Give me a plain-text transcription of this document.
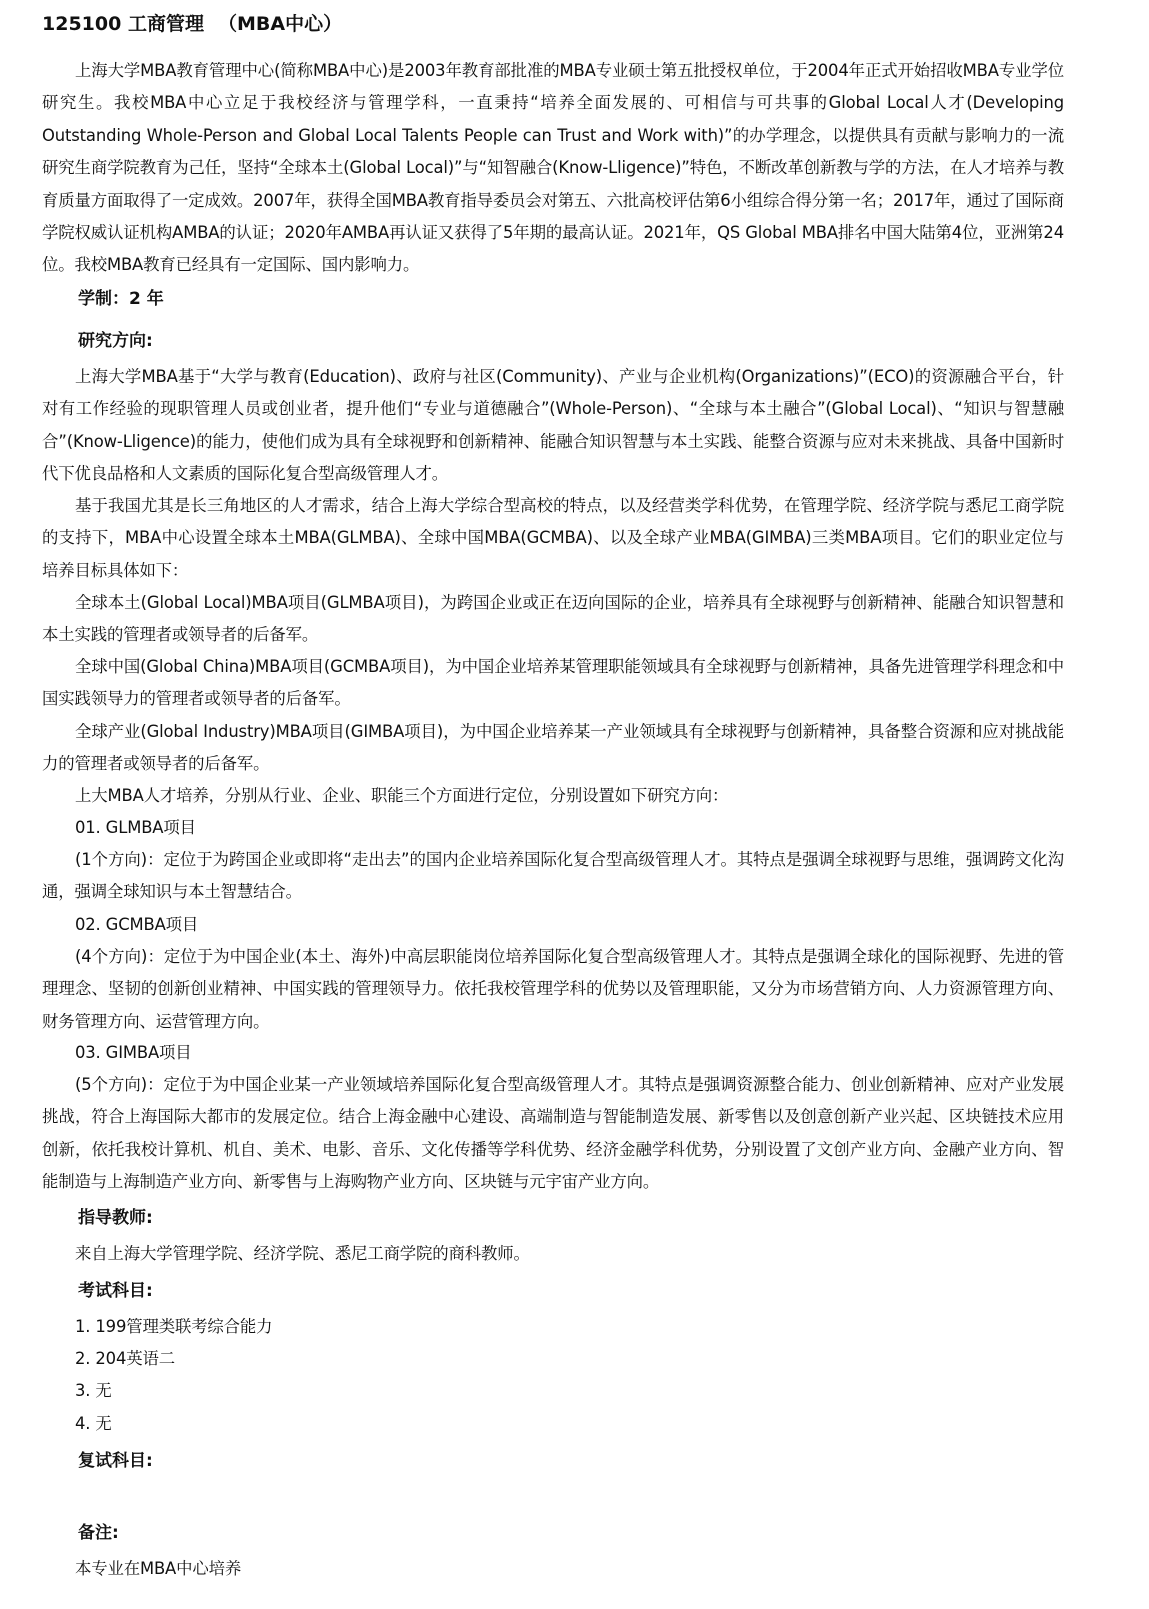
125100 工商管理 （MBA中心）
上海大学MBA教育管理中心(简称MBA中心)是2003年教育部批准的MBA专业硕士第五批授权单位，于2004年正式开始招收MBA专业学位研究生。我校MBA中心立足于我校经济与管理学科，一直秉持“培养全面发展的、可相信与可共事的Global Local人才(Developing Outstanding Whole-Person and Global Local Talents People can Trust and Work with)”的办学理念，以提供具有贡献与影响力的一流研究生商学院教育为己任，坚持“全球本土(Global Local)”与“知智融合(Know-Lligence)”特色，不断改革创新教与学的方法，在人才培养与教育质量方面取得了一定成效。2007年，获得全国MBA教育指导委员会对第五、六批高校评估第6小组综合得分第一名；2017年，通过了国际商学院权威认证机构AMBA的认证；2020年AMBA再认证又获得了5年期的最高认证。2021年，QS Global MBA排名中国大陆第4位，亚洲第24位。我校MBA教育已经具有一定国际、国内影响力。
学制：2 年
研究方向:
上海大学MBA基于“大学与教育(Education)、政府与社区(Community)、产业与企业机构(Organizations)”(ECO)的资源融合平台，针对有工作经验的现职管理人员或创业者，提升他们“专业与道德融合”(Whole-Person)、“全球与本土融合”(Global Local)、“知识与智慧融合”(Know-Lligence)的能力，使他们成为具有全球视野和创新精神、能融合知识智慧与本土实践、能整合资源与应对未来挑战、具备中国新时代下优良品格和人文素质的国际化复合型高级管理人才。
基于我国尤其是长三角地区的人才需求，结合上海大学综合型高校的特点，以及经营类学科优势，在管理学院、经济学院与悉尼工商学院的支持下，MBA中心设置全球本土MBA(GLMBA)、全球中国MBA(GCMBA)、以及全球产业MBA(GIMBA)三类MBA项目。它们的职业定位与培养目标具体如下：
全球本土(Global Local)MBA项目(GLMBA项目)，为跨国企业或正在迈向国际的企业，培养具有全球视野与创新精神、能融合知识智慧和本土实践的管理者或领导者的后备军。
全球中国(Global China)MBA项目(GCMBA项目)，为中国企业培养某管理职能领域具有全球视野与创新精神，具备先进管理学科理念和中国实践领导力的管理者或领导者的后备军。
全球产业(Global Industry)MBA项目(GIMBA项目)，为中国企业培养某一产业领域具有全球视野与创新精神，具备整合资源和应对挑战能力的管理者或领导者的后备军。
上大MBA人才培养，分别从行业、企业、职能三个方面进行定位，分别设置如下研究方向：
01. GLMBA项目
(1个方向)：定位于为跨国企业或即将“走出去”的国内企业培养国际化复合型高级管理人才。其特点是强调全球视野与思维，强调跨文化沟通，强调全球知识与本土智慧结合。
02. GCMBA项目
(4个方向)：定位于为中国企业(本土、海外)中高层职能岗位培养国际化复合型高级管理人才。其特点是强调全球化的国际视野、先进的管理理念、坚韧的创新创业精神、中国实践的管理领导力。依托我校管理学科的优势以及管理职能，又分为市场营销方向、人力资源管理方向、财务管理方向、运营管理方向。
03. GIMBA项目
(5个方向)：定位于为中国企业某一产业领域培养国际化复合型高级管理人才。其特点是强调资源整合能力、创业创新精神、应对产业发展挑战，符合上海国际大都市的发展定位。结合上海金融中心建设、高端制造与智能制造发展、新零售以及创意创新产业兴起、区块链技术应用创新，依托我校计算机、机自、美术、电影、音乐、文化传播等学科优势、经济金融学科优势，分别设置了文创产业方向、金融产业方向、智能制造与上海制造产业方向、新零售与上海购物产业方向、区块链与元宇宙产业方向。
指导教师:
来自上海大学管理学院、经济学院、悉尼工商学院的商科教师。
考试科目:
1. 199管理类联考综合能力
2. 204英语二
3. 无
4. 无
复试科目:
备注:
本专业在MBA中心培养
